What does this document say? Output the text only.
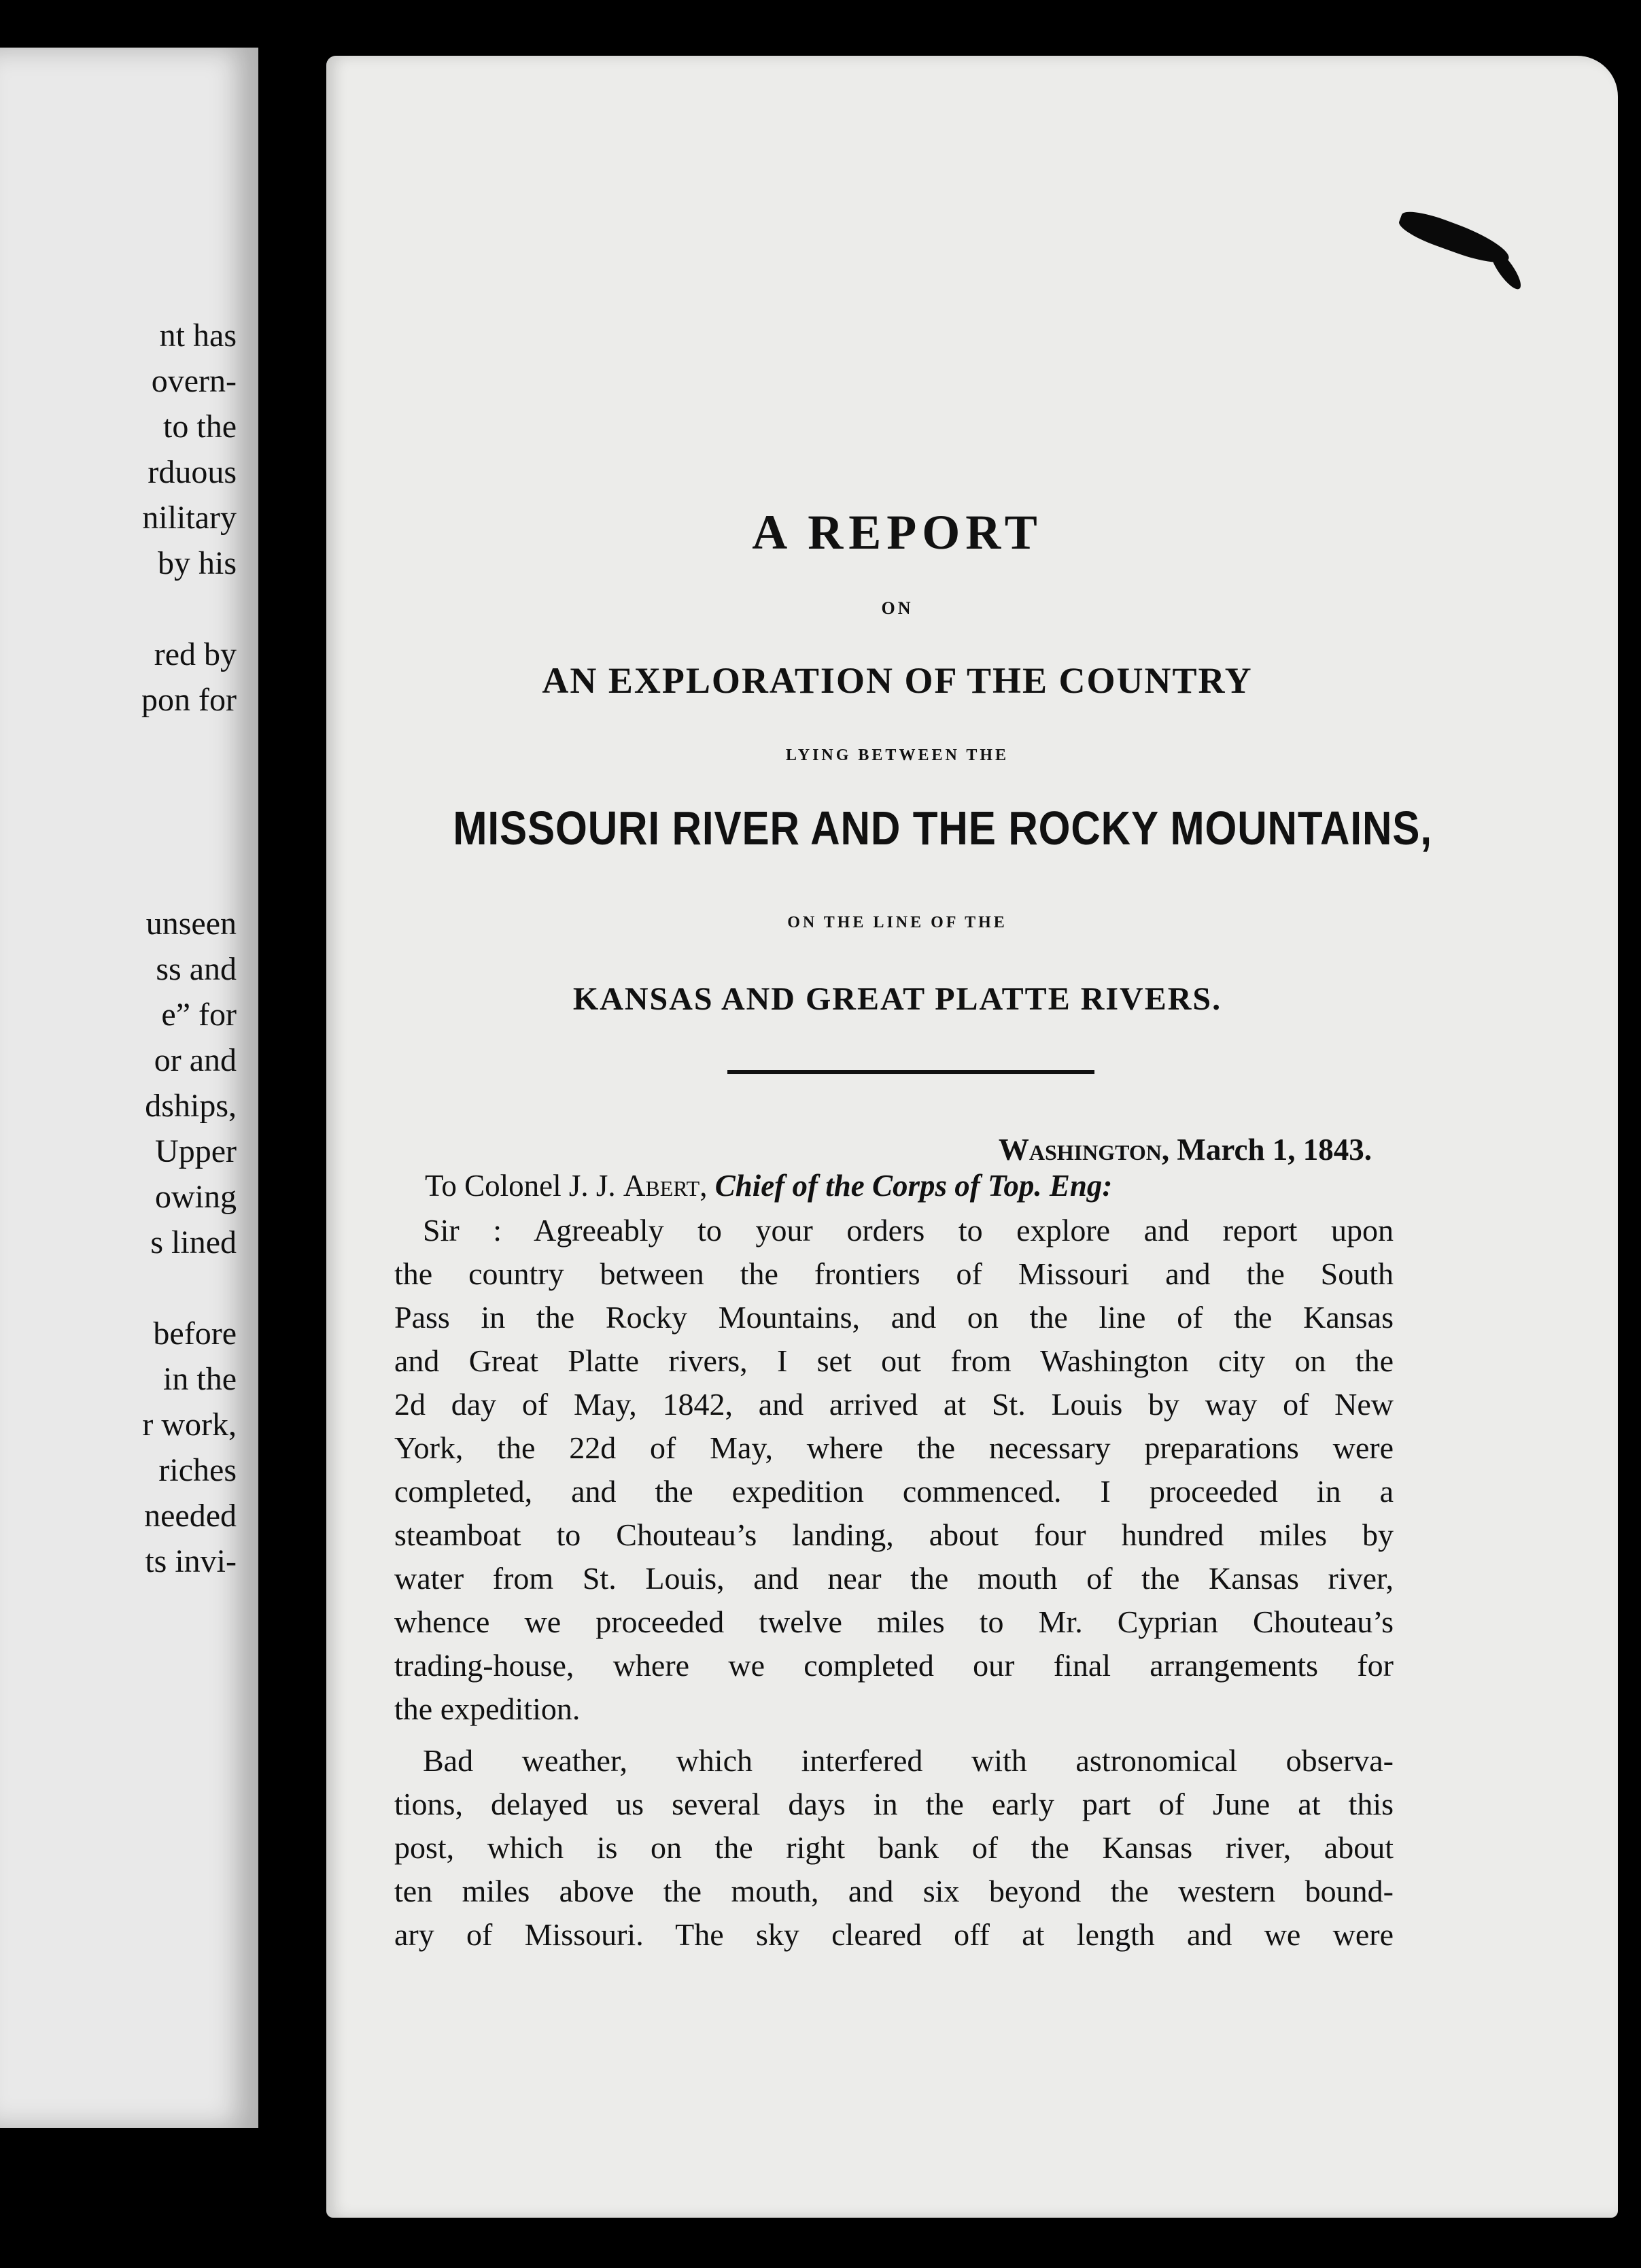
nt has
overn-
to the
rduous
nilitary
by his
red by
pon for
unseen
ss and
e” for
or and
dships,
Upper
owing
s lined
before
in the
r work,
riches
needed
ts invi-
A REPORT
ON
AN EXPLORATION OF THE COUNTRY
LYING BETWEEN THE
MISSOURI RIVER AND THE ROCKY MOUNTAINS,
ON THE LINE OF THE
KANSAS AND GREAT PLATTE RIVERS.
Washington, March 1, 1843.
To Colonel J. J. Abert, Chief of the Corps of Top. Eng:
Sir : Agreeably to your orders to explore and report upon
the country between the frontiers of Missouri and the South
Pass in the Rocky Mountains, and on the line of the Kansas
and Great Platte rivers, I set out from Washington city on the
2d day of May, 1842, and arrived at St. Louis by way of New
York, the 22d of May, where the necessary preparations were
completed, and the expedition commenced. I proceeded in a
steamboat to Chouteau’s landing, about four hundred miles by
water from St. Louis, and near the mouth of the Kansas river,
whence we proceeded twelve miles to Mr. Cyprian Chouteau’s
trading-house, where we completed our final arrangements for
the expedition.
Bad weather, which interfered with astronomical observa-
tions, delayed us several days in the early part of June at this
post, which is on the right bank of the Kansas river, about
ten miles above the mouth, and six beyond the western bound-
ary of Missouri. The sky cleared off at length and we were
